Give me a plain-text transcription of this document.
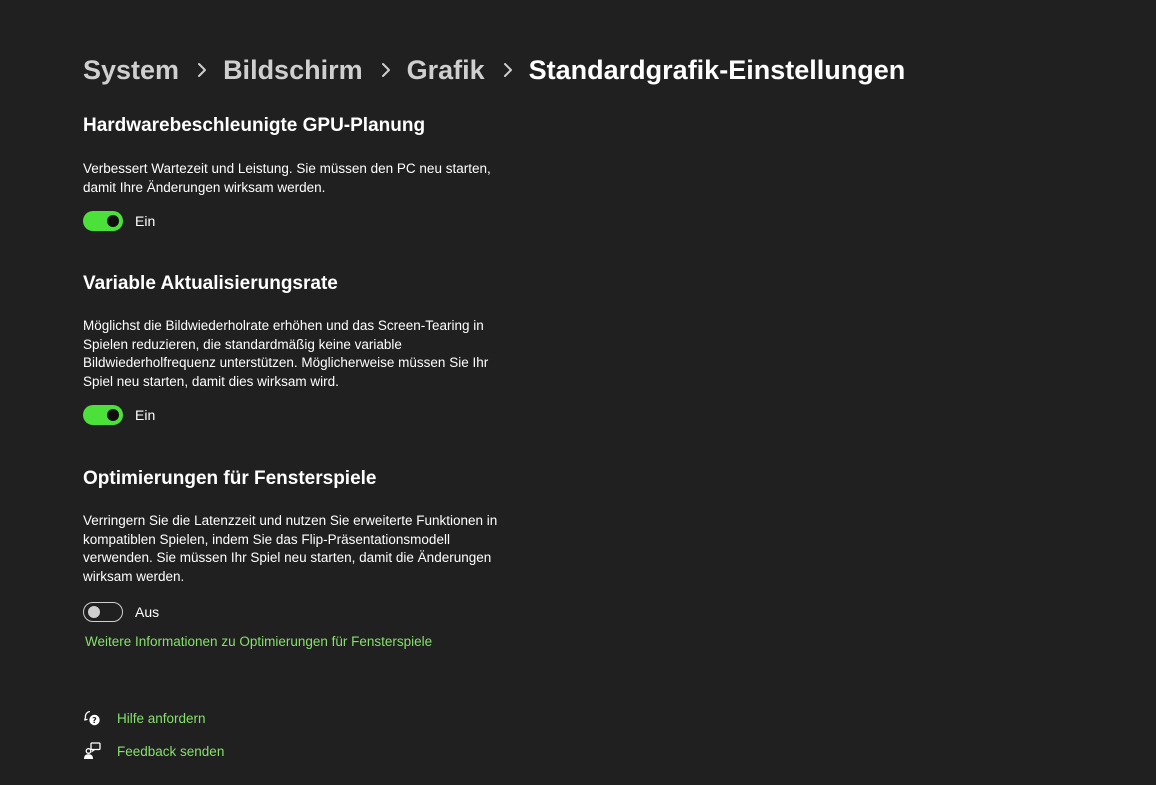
System Bildschirm Grafik Standardgrafik-Einstellungen
Hardwarebeschleunigte GPU-Planung

Verbessert Wartezeit und Leistung. Sie müssen den PC neu starten, damit Ihre Änderungen wirksam werden.

Ein
Variable Aktualisierungsrate

Möglichst die Bildwiederholrate erhöhen und das Screen-Tearing in Spielen reduzieren, die standardmäßig keine variable Bildwiederholfrequenz unterstützen. Möglicherweise müssen Sie Ihr Spiel neu starten, damit dies wirksam wird.

Ein
Optimierungen für Fensterspiele

Verringern Sie die Latenzzeit und nutzen Sie erweiterte Funktionen in kompatiblen Spielen, indem Sie das Flip-Präsentationsmodell verwenden. Sie müssen Ihr Spiel neu starten, damit die Änderungen wirksam werden.

Aus
Weitere Informationen zu Optimierungen für Fensterspiele
? Hilfe anfordern
Feedback senden
